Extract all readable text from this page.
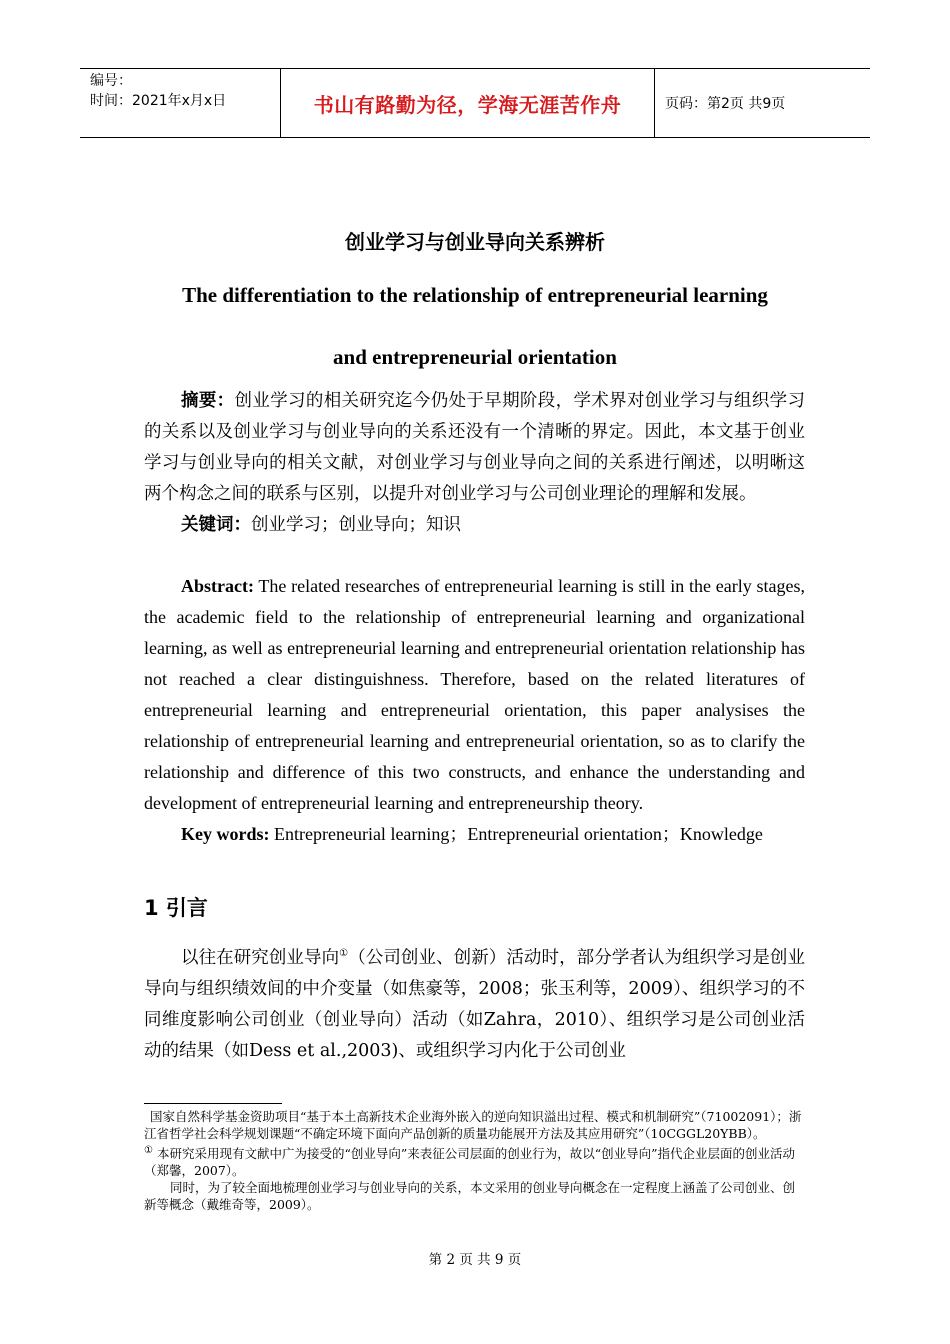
编号：
时间：2021年x月x日	书山有路勤为径，学海无涯苦作舟	页码：第2页 共9页
创业学习与创业导向关系辨析
The differentiation to the relationship of entrepreneurial learning
and entrepreneurial orientation

摘要：创业学习的相关研究迄今仍处于早期阶段，学术界对创业学习与组织学习的关系以及创业学习与创业导向的关系还没有一个清晰的界定。因此，本文基于创业学习与创业导向的相关文献，对创业学习与创业导向之间的关系进行阐述，以明晰这两个构念之间的联系与区别，以提升对创业学习与公司创业理论的理解和发展。

关键词：创业学习；创业导向；知识

Abstract: The related researches of entrepreneurial learning is still in the early stages, the academic field to the relationship of entrepreneurial learning and organizational learning, as well as entrepreneurial learning and entrepreneurial orientation relationship has not reached a clear distinguishness. Therefore, based on the related literatures of entrepreneurial learning and entrepreneurial orientation, this paper analysises the relationship of entrepreneurial learning and entrepreneurial orientation, so as to clarify the relationship and difference of this two constructs, and enhance the understanding and development of entrepreneurial learning and entrepreneurship theory.

Key words: Entrepreneurial learning；Entrepreneurial orientation；Knowledge

1 引言

以往在研究创业导向①（公司创业、创新）活动时，部分学者认为组织学习是创业导向与组织绩效间的中介变量（如焦豪等，2008；张玉利等，2009）、组织学习的不同维度影响公司创业（创业导向）活动（如Zahra，2010）、组织学习是公司创业活动的结果（如Dess et al.,2003)、或组织学习内化于公司创业

国家自然科学基金资助项目“基于本土高新技术企业海外嵌入的逆向知识溢出过程、模式和机制研究”（71002091）；浙江省哲学社会科学规划课题“不确定环境下面向产品创新的质量功能展开方法及其应用研究”（10CGGL20YBB）。

① 本研究采用现有文献中广为接受的“创业导向”来表征公司层面的创业行为，故以“创业导向”指代企业层面的创业活动（郑馨，2007）。

同时，为了较全面地梳理创业学习与创业导向的关系，本文采用的创业导向概念在一定程度上涵盖了公司创业、创新等概念（戴维奇等，2009）。

第 2 页 共 9 页
